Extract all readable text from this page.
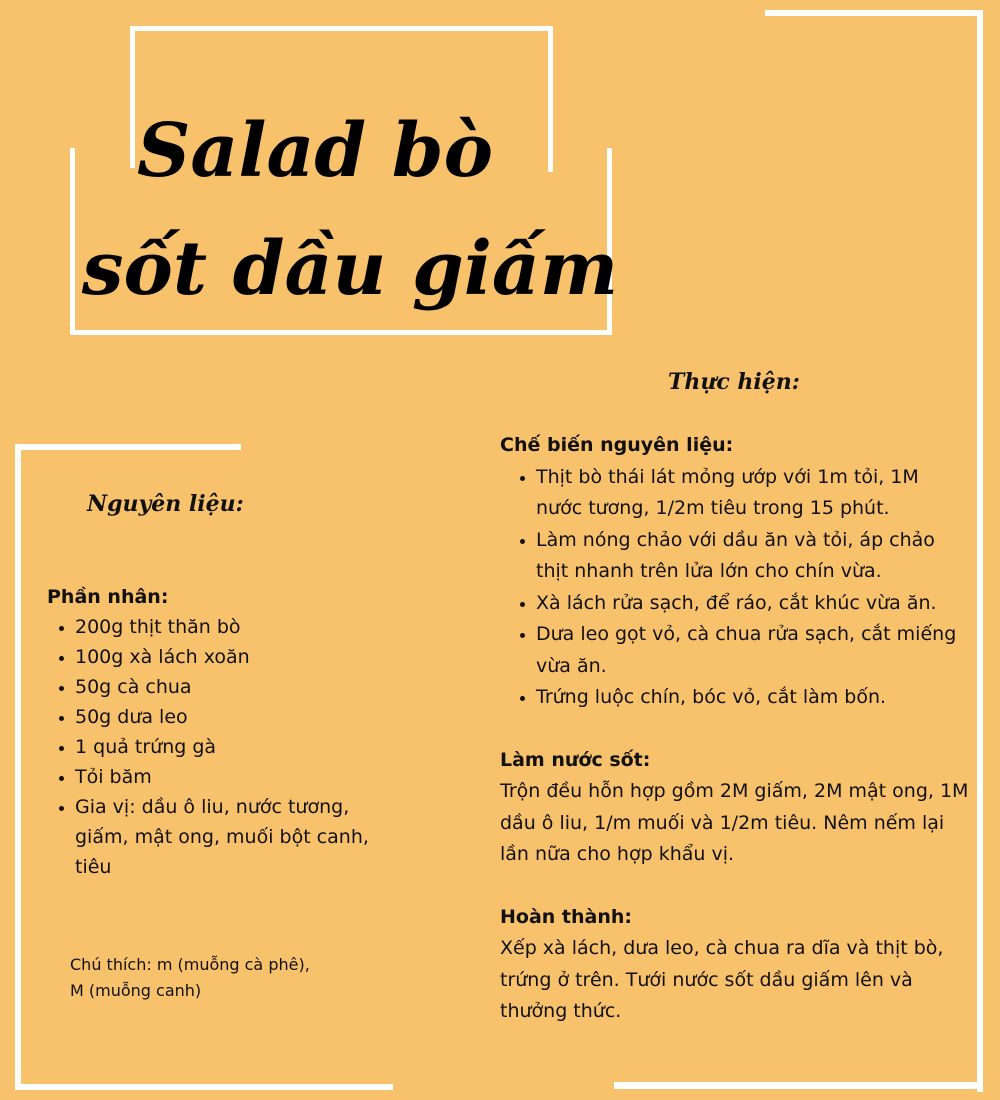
Salad bò
sốt dầu giấm
Nguyên liệu:
Phần nhân:
• 200g thịt thăn bò
• 100g xà lách xoăn
• 50g cà chua
• 50g dưa leo
• 1 quả trứng gà
• Tỏi băm
• Gia vị: dầu ô liu, nước tương, giấm, mật ong, muối bột canh, tiêu
Chú thích: m (muỗng cà phê),
M (muỗng canh)
Thực hiện:
Chế biến nguyên liệu:
• Thịt bò thái lát mỏng ướp với 1m tỏi, 1M nước tương, 1/2m tiêu trong 15 phút.
• Làm nóng chảo với dầu ăn và tỏi, áp chảo thịt nhanh trên lửa lớn cho chín vừa.
• Xà lách rửa sạch, để ráo, cắt khúc vừa ăn.
• Dưa leo gọt vỏ, cà chua rửa sạch, cắt miếng vừa ăn.
• Trứng luộc chín, bóc vỏ, cắt làm bốn.
Làm nước sốt:

Trộn đều hỗn hợp gồm 2M giấm, 2M mật ong, 1M dầu ô liu, 1/m muối và 1/2m tiêu. Nêm nếm lại lần nữa cho hợp khẩu vị.

Hoàn thành:

Xếp xà lách, dưa leo, cà chua ra dĩa và thịt bò, trứng ở trên. Tưới nước sốt dầu giấm lên và thưởng thức.
